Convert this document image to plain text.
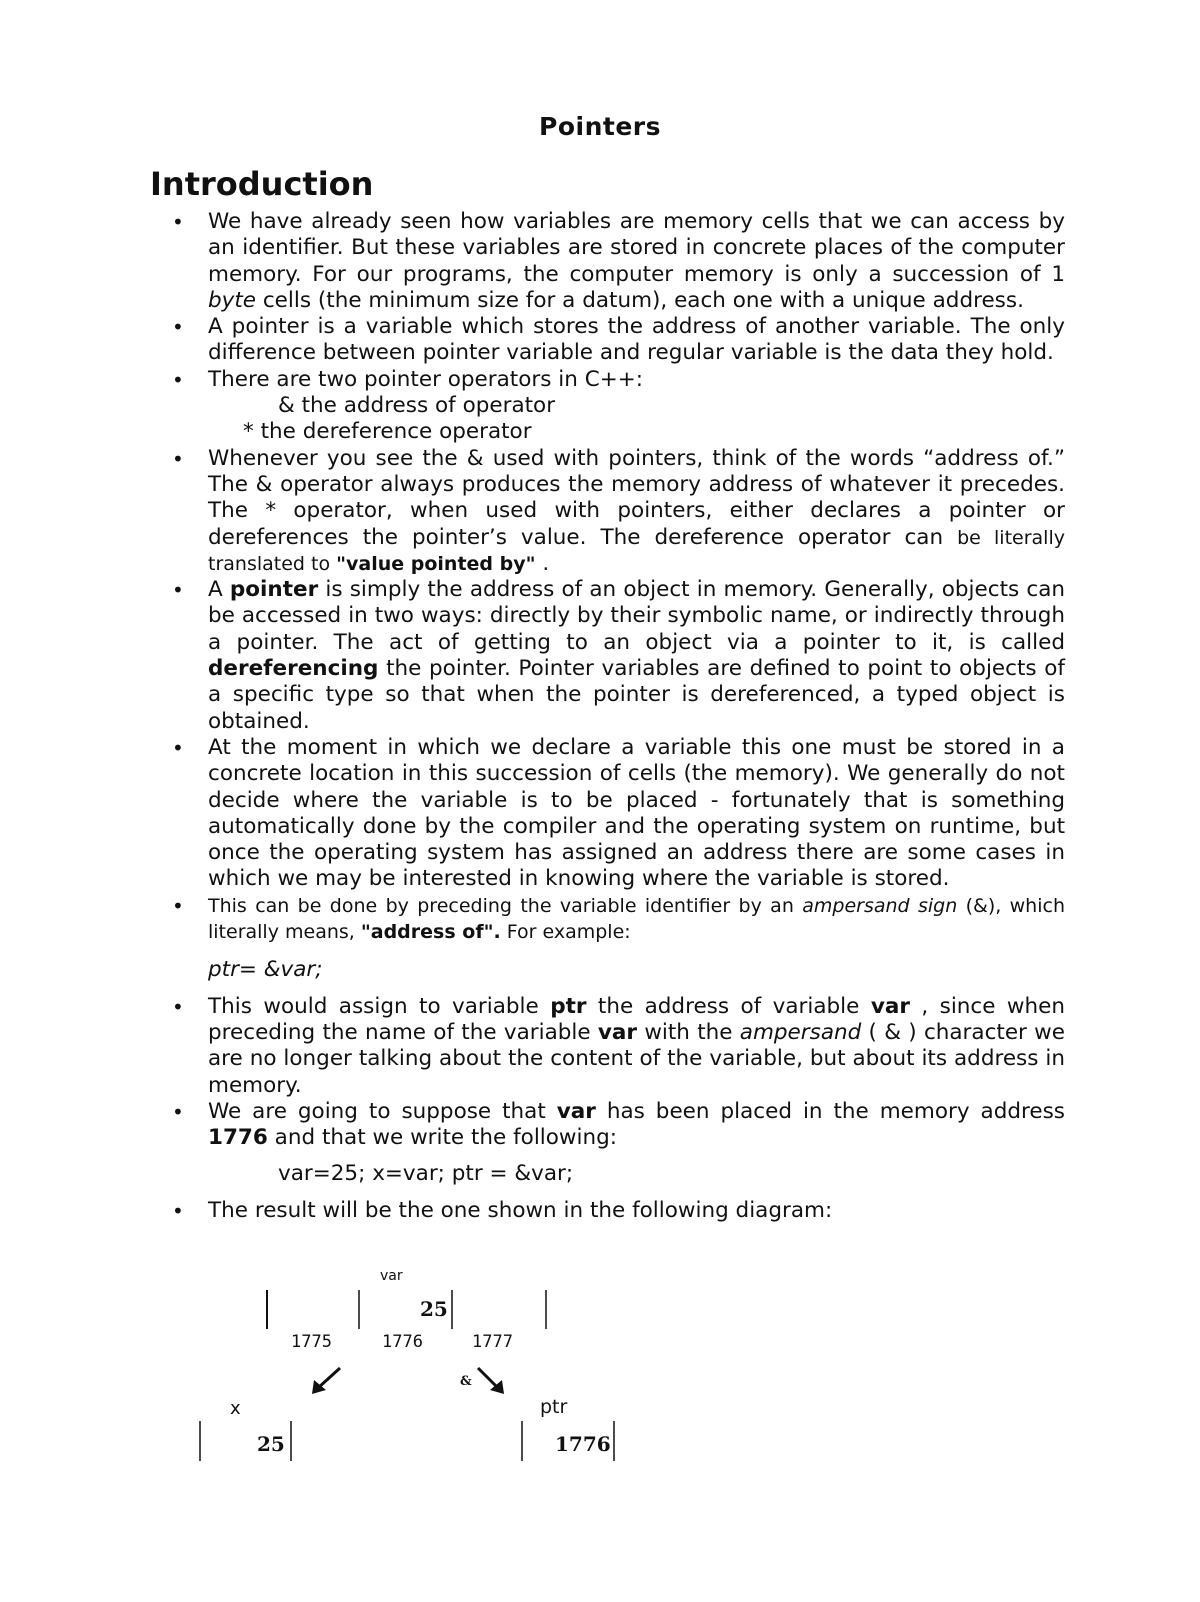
Pointers
Introduction
• We have already seen how variables are memory cells that we can access by an identifier. But these variables are stored in concrete places of the computer memory. For our programs, the computer memory is only a succession of 1 byte cells (the minimum size for a datum), each one with a unique address.
• A pointer is a variable which stores the address of another variable. The only difference between pointer variable and regular variable is the data they hold.
• There are two pointer operators in C++:
& the address of operator
* the dereference operator
• Whenever you see the & used with pointers, think of the words “address of.” The & operator always produces the memory address of whatever it precedes. The * operator, when used with pointers, either declares a pointer or dereferences the pointer’s value. The dereference operator can be literally translated to "value pointed by" .
• A pointer is simply the address of an object in memory. Generally, objects can be accessed in two ways: directly by their symbolic name, or indirectly through a pointer. The act of getting to an object via a pointer to it, is called dereferencing the pointer. Pointer variables are defined to point to objects of a specific type so that when the pointer is dereferenced, a typed object is obtained.
• At the moment in which we declare a variable this one must be stored in a concrete location in this succession of cells (the memory). We generally do not decide where the variable is to be placed - fortunately that is something automatically done by the compiler and the operating system on runtime, but once the operating system has assigned an address there are some cases in which we may be interested in knowing where the variable is stored.
• This can be done by preceding the variable identifier by an ampersand sign (&), which literally means, "address of". For example:
ptr= &var;
• This would assign to variable ptr the address of variable var , since when preceding the name of the variable var with the ampersand ( & ) character we are no longer talking about the content of the variable, but about its address in memory.
• We are going to suppose that var has been placed in the memory address 1776 and that we write the following:
var=25; x=var; ptr = &var;
• The result will be the one shown in the following diagram:
var
25
1775	1776	1777
&
x
25
ptr
1776
